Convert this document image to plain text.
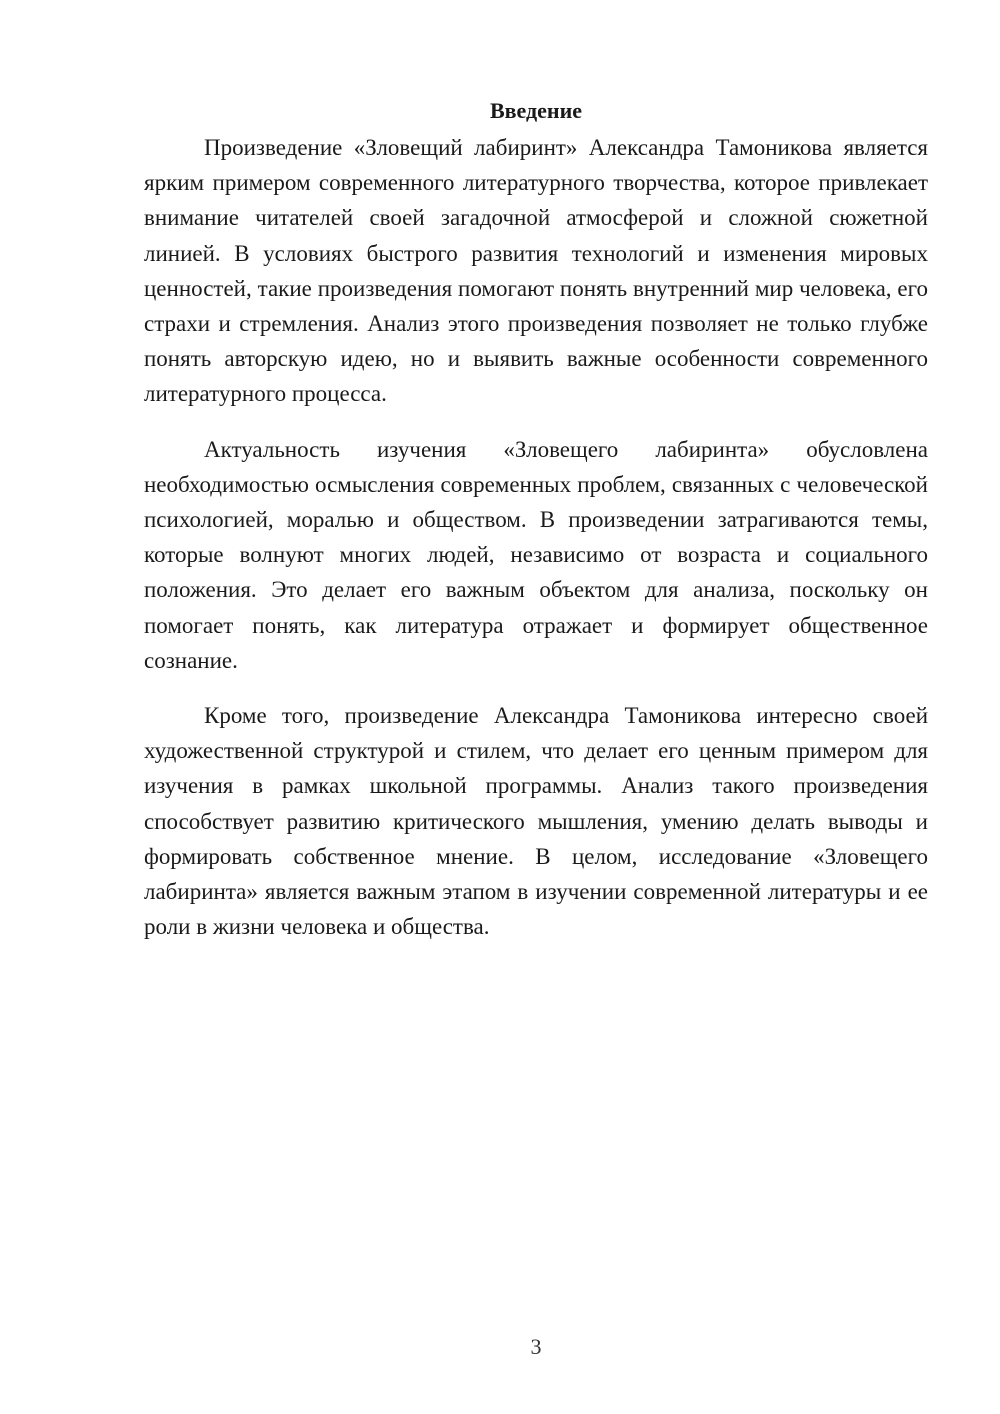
Введение

Произведение «Зловещий лабиринт» Александра Тамоникова является ярким примером современного литературного творчества, которое привлекает внимание читателей своей загадочной атмосферой и сложной сюжетной линией. В условиях быстрого развития технологий и изменения мировых ценностей, такие произведения помогают понять внутренний мир человека, его страхи и стремления. Анализ этого произведения позволяет не только глубже понять авторскую идею, но и выявить важные особенности современного литературного процесса.

Актуальность изучения «Зловещего лабиринта» обусловлена необходимостью осмысления современных проблем, связанных с человеческой психологией, моралью и обществом. В произведении затрагиваются темы, которые волнуют многих людей, независимо от возраста и социального положения. Это делает его важным объектом для анализа, поскольку он помогает понять, как литература отражает и формирует общественное сознание.

Кроме того, произведение Александра Тамоникова интересно своей художественной структурой и стилем, что делает его ценным примером для изучения в рамках школьной программы. Анализ такого произведения способствует развитию критического мышления, умению делать выводы и формировать собственное мнение. В целом, исследование «Зловещего лабиринта» является важным этапом в изучении современной литературы и ее роли в жизни человека и общества.

3
